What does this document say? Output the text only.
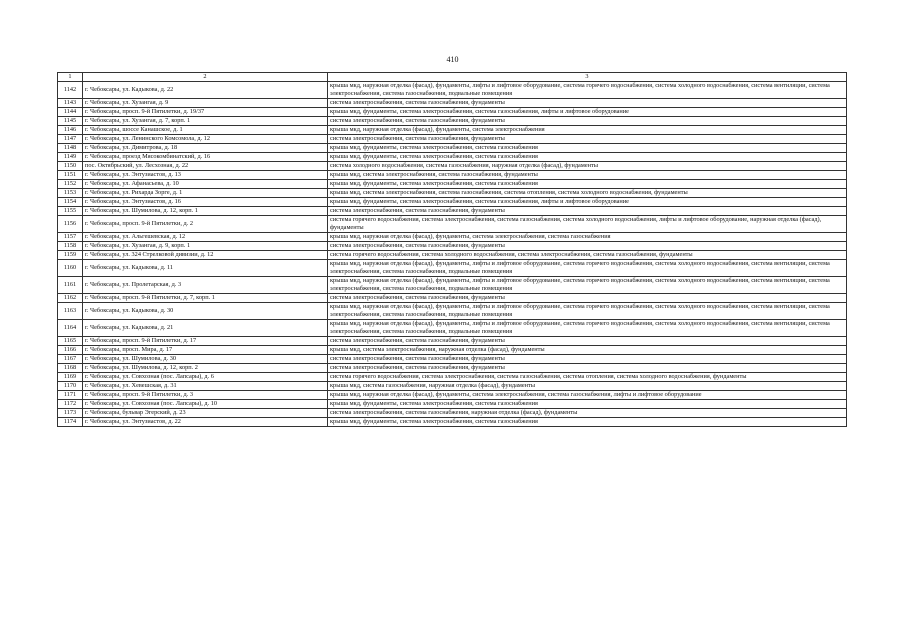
410
1	2	3
1142	г. Чебоксары, ул. Кадыкова, д. 22	крыша мкд, наружная отделка (фасад), фундаменты, лифты и лифтовое оборудование, система горячего водоснабжения, система холодного водоснабжения, система вентиляции, система электроснабжения, система газоснабжения, подвальные помещения
1143	г. Чебоксары, ул. Хузангая, д. 9	система электроснабжения, система газоснабжения, фундаменты
1144	г. Чебоксары, просп. 9-й Пятилетки, д. 19/37	крыша мкд, фундаменты, система электроснабжения, система газоснабжения, лифты и лифтовое оборудование
1145	г. Чебоксары, ул. Хузангая, д. 7, корп. 1	система электроснабжения, система газоснабжения, фундаменты
1146	г. Чебоксары, шоссе Канашское, д. 1	крыша мкд, наружная отделка (фасад), фундаменты, система электроснабжения
1147	г. Чебоксары, ул. Ленинского Комсомола, д. 12	система электроснабжения, система газоснабжения, фундаменты
1148	г. Чебоксары, ул. Димитрова, д. 18	крыша мкд, фундаменты, система электроснабжения, система газоснабжения
1149	г. Чебоксары, проезд Мясокомбинатский, д. 16	крыша мкд, фундаменты, система электроснабжения, система газоснабжения
1150	пос. Октябрьский, ул. Лесхозная, д. 22	система холодного водоснабжения, система газоснабжения, наружная отделка (фасад), фундаменты
1151	г. Чебоксары, ул. Энтузиастов, д. 13	крыша мкд, система электроснабжения, система газоснабжения, фундаменты
1152	г. Чебоксары, ул. Афанасьева, д. 10	крыша мкд, фундаменты, система электроснабжения, система газоснабжения
1153	г. Чебоксары, ул. Рихарда Зорге, д. 1	крыша мкд, система электроснабжения, система газоснабжения, система отопления, система холодного водоснабжения, фундаменты
1154	г. Чебоксары, ул. Энтузиастов, д. 16	крыша мкд, фундаменты, система электроснабжения, система газоснабжения, лифты и лифтовое оборудование
1155	г. Чебоксары, ул. Шумилова, д. 12, корп. 1	система электроснабжения, система газоснабжения, фундаменты
1156	г. Чебоксары, просп. 9-й Пятилетки, д. 2	система горячего водоснабжения, система электроснабжения, система газоснабжения, система холодного водоснабжения, лифты и лифтовое оборудование, наружная отделка (фасад), фундаменты
1157	г. Чебоксары, ул. Альгешевская, д. 12	крыша мкд, наружная отделка (фасад), фундаменты, система электроснабжения, система газоснабжения
1158	г. Чебоксары, ул. Хузангая, д. 9, корп. 1	система электроснабжения, система газоснабжения, фундаменты
1159	г. Чебоксары, ул. 324 Стрелковой дивизии, д. 12	система горячего водоснабжения, система холодного водоснабжения, система электроснабжения, система газоснабжения, фундаменты
1160	г. Чебоксары, ул. Кадыкова, д. 11	крыша мкд, наружная отделка (фасад), фундаменты, лифты и лифтовое оборудование, система горячего водоснабжения, система холодного водоснабжения, система вентиляции, система электроснабжения, система газоснабжения, подвальные помещения
1161	г. Чебоксары, ул. Пролетарская, д. 3	крыша мкд, наружная отделка (фасад), фундаменты, лифты и лифтовое оборудование, система горячего водоснабжения, система холодного водоснабжения, система вентиляции, система электроснабжения, система газоснабжения, подвальные помещения
1162	г. Чебоксары, просп. 9-й Пятилетки, д. 7, корп. 1	система электроснабжения, система газоснабжения, фундаменты
1163	г. Чебоксары, ул. Кадыкова, д. 30	крыша мкд, наружная отделка (фасад), фундаменты, лифты и лифтовое оборудование, система горячего водоснабжения, система холодного водоснабжения, система вентиляции, система электроснабжения, система газоснабжения, подвальные помещения
1164	г. Чебоксары, ул. Кадыкова, д. 21	крыша мкд, наружная отделка (фасад), фундаменты, лифты и лифтовое оборудование, система горячего водоснабжения, система холодного водоснабжения, система вентиляции, система электроснабжения, система газоснабжения, подвальные помещения
1165	г. Чебоксары, просп. 9-й Пятилетки, д. 17	система электроснабжения, система газоснабжения, фундаменты
1166	г. Чебоксары, просп. Мира, д. 17	крыша мкд, система электроснабжения, наружная отделка (фасад), фундаменты
1167	г. Чебоксары, ул. Шумилова, д. 30	система электроснабжения, система газоснабжения, фундаменты
1168	г. Чебоксары, ул. Шумилова, д. 12, корп. 2	система электроснабжения, система газоснабжения, фундаменты
1169	г. Чебоксары, ул. Совхозная (пос. Лапсары), д. 6	система горячего водоснабжения, система электроснабжения, система газоснабжения, система отопления, система холодного водоснабжения, фундаменты
1170	г. Чебоксары, ул. Хевешская, д. 31	крыша мкд, система газоснабжения, наружная отделка (фасад), фундаменты
1171	г. Чебоксары, просп. 9-й Пятилетки, д. 3	крыша мкд, наружная отделка (фасад), фундаменты, система электроснабжения, система газоснабжения, лифты и лифтовое оборудование
1172	г. Чебоксары, ул. Совхозная (пос. Лапсары), д. 10	крыша мкд, фундаменты, система электроснабжения, система газоснабжения
1173	г. Чебоксары, бульвар Эгерский, д. 23	система электроснабжения, система газоснабжения, наружная отделка (фасад), фундаменты
1174	г. Чебоксары, ул. Энтузиастов, д. 22	крыша мкд, фундаменты, система электроснабжения, система газоснабжения
